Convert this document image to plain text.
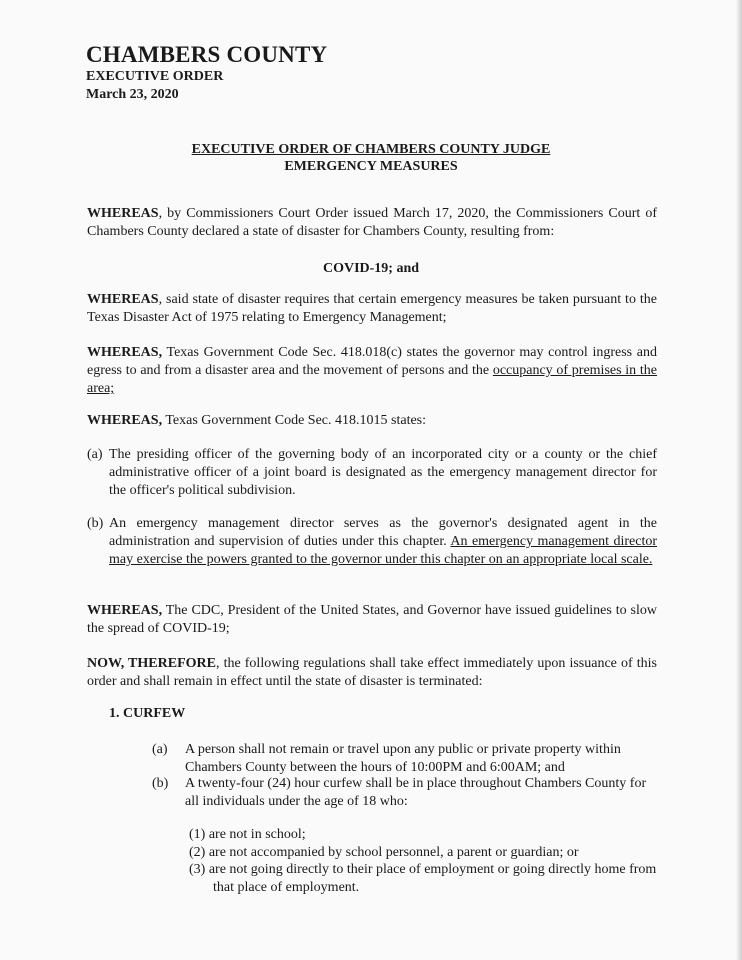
CHAMBERS COUNTY
EXECUTIVE ORDER
March 23, 2020
EXECUTIVE ORDER OF CHAMBERS COUNTY JUDGE
EMERGENCY MEASURES

WHEREAS, by Commissioners Court Order issued March 17, 2020, the Commissioners Court of Chambers County declared a state of disaster for Chambers County, resulting from:

COVID-19; and

WHEREAS, said state of disaster requires that certain emergency measures be taken pursuant to the Texas Disaster Act of 1975 relating to Emergency Management;

WHEREAS, Texas Government Code Sec. 418.018(c) states the governor may control ingress and egress to and from a disaster area and the movement of persons and the occupancy of premises in the area;

WHEREAS, Texas Government Code Sec. 418.1015 states:

(a) The presiding officer of the governing body of an incorporated city or a county or the chief administrative officer of a joint board is designated as the emergency management director for the officer's political subdivision.
(b) An emergency management director serves as the governor's designated agent in the administration and supervision of duties under this chapter. An emergency management director may exercise the powers granted to the governor under this chapter on an appropriate local scale.

WHEREAS, The CDC, President of the United States, and Governor have issued guidelines to slow the spread of COVID-19;

NOW, THEREFORE, the following regulations shall take effect immediately upon issuance of this order and shall remain in effect until the state of disaster is terminated:

1. CURFEW
(a) A person shall not remain or travel upon any public or private property within Chambers County between the hours of 10:00PM and 6:00AM; and
(b) A twenty-four (24) hour curfew shall be in place throughout Chambers County for all individuals under the age of 18 who:
(1) are not in school;
(2) are not accompanied by school personnel, a parent or guardian; or
(3) are not going directly to their place of employment or going directly home from that place of employment.
